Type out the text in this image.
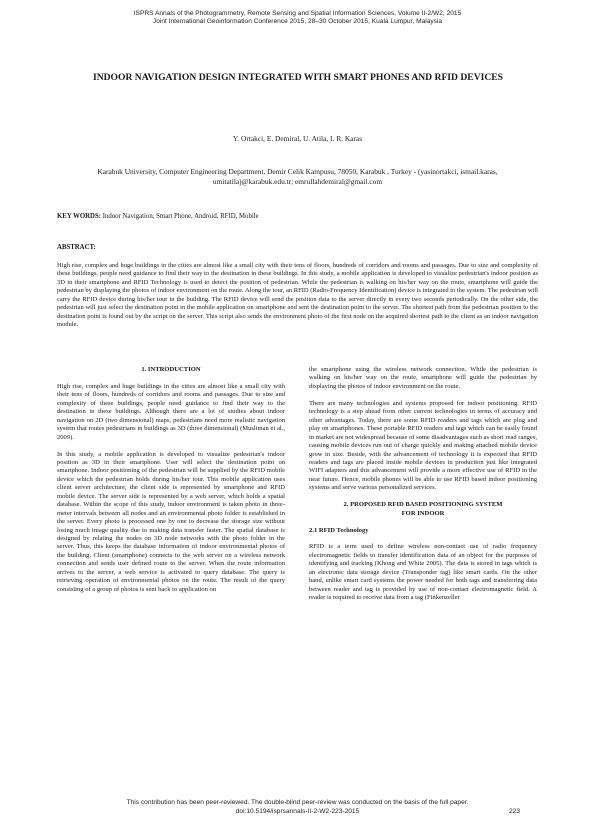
ISPRS Annals of the Photogrammetry, Remote Sensing and Spatial Information Sciences, Volume II-2/W2, 2015
Joint International Geoinformation Conference 2015, 28–30 October 2015, Kuala Lumpur, Malaysia
INDOOR NAVIGATION DESIGN INTEGRATED WITH SMART PHONES AND RFID DEVICES
Y. Ortakci, E. Demiral, U. Atila, I. R. Karas
Karabuk University, Computer Engineering Department, Demir Celik Kampusu, 78050, Karabuk , Turkey - (yasinortakci, ismail.karas, umitatila)@karabuk.edu.tr; emrullahdemiral@gmail.com
KEY WORDS: Indoor Navigation, Smart Phone, Android, RFID, Mobile
ABSTRACT:

High rise, complex and huge buildings in the cities are almost like a small city with their tens of floors, hundreds of corridors and rooms and passages. Due to size and complexity of these buildings, people need guidance to find their way to the destination in these buildings. In this study, a mobile application is developed to visualize pedestrian's indoor position as 3D in their smartphone and RFID Technology is used to detect the position of pedestrian. While the pedestrian is walking on his/her way on the route, smartphone will guide the pedestrian by displaying the photos of indoor environment on the route. Along the tour, an RFID (Radio-Frequency Identification) device is integrated to the system. The pedestrian will carry the RFID device during his/her tour in the building. The RFID device will send the position data to the server directly in every two seconds periodically. On the other side, the pedestrian will just select the destination point in the mobile application on smartphone and sent the destination point to the server. The shortest path from the pedestrian position to the destination point is found out by the script on the server. This script also sends the environment photo of the first node on the acquired shortest path to the client as an indoor navigation module.

1. INTRODUCTION

High rise, complex and huge buildings in the cities are almost like a small city with their tens of floors, hundreds of corridors and rooms and passages. Due to size and complexity of these buildings, people need guidance to find their way to the destination in these buildings. Although there are a lot of studies about indoor navigation on 2D (two dimensional) maps, pedestrians need more realistic navigation system that routes pedestrians in buildings as 3D (three dimensional) (Musliman et al., 2009).

In this study, a mobile application is developed to visualize pedestrian's indoor position as 3D in their smartphone. User will select the destination point on smartphone. Indoor positioning of the pedestrian will be supplied by the RFID mobile device which the pedestrian holds during his/her tour. This mobile application uses client server architecture, the client side is represented by smartphone and RFID mobile device. The server side is represented by a web server, which holds a spatial database. Within the scope of this study, indoor environment is taken photo in three-meter intervals between all nodes and an environmental photo folder is established in the server. Every photo is processed one by one to decrease the storage size without losing much image quality due to making data transfer faster. The spatial database is designed by relating the nodes on 3D node networks with the photo folder in the server. Thus, this keeps the database information of indoor environmental photos of the building. Client (smartphone) connects to the web server on a wireless network connection and sends user defined route to the server. When the route information arrives to the server, a web service is activated to query database. The query is retrieving operation of environmental photos on the route. The result of the query consisting of a group of photos is sent back to application on

the smartphone using the wireless network connection. While the pedestrian is walking on his/her way on the route, smartphone will guide the pedestrian by displaying the photos of indoor environment on the route.

There are many technologies and systems proposed for indoor positioning. RFID technology is a step ahead from other current technologies in terms of accuracy and other advantages. Today, there are some RFID readers and tags which are plug and play on smartphones. These portable RFID readers and tags which can be easily found in market are not widespread because of some disadvantages such as short read ranges, causing mobile devices run out of charge quickly and making attached mobile device grow in size. Beside, with the advancement of technology it is expected that RFID readers and tags are placed inside mobile devices in production just like integrated WIFI adapters and this advancement will provide a more effective use of RFID in the near future. Hence, mobile phones will be able to use RFID based indoor positioning systems and serve various personalized services.

2. PROPOSED RFID BASED POSITIONING SYSTEM
FOR INDOOR
2.1 RFID Technology

RFID is a term used to define wireless non-contact use of radio frequency electromagnetic fields to transfer identification data of an object for the purposes of identifying and tracking (Khong and White 2005). The data is stored in tags which is an electronic data storage device (Transponder tag) like smart cards. On the other hand, unlike smart card systems the power needed for both tags and transferring data between reader and tag is provided by use of non-contact electromagnetic field. A reader is required to receive data from a tag (Finkenzeller

This contribution has been peer-reviewed. The double-blind peer-review was conducted on the basis of the full paper.
doi:10.5194/isprsannals-II-2-W2-223-2015	223
